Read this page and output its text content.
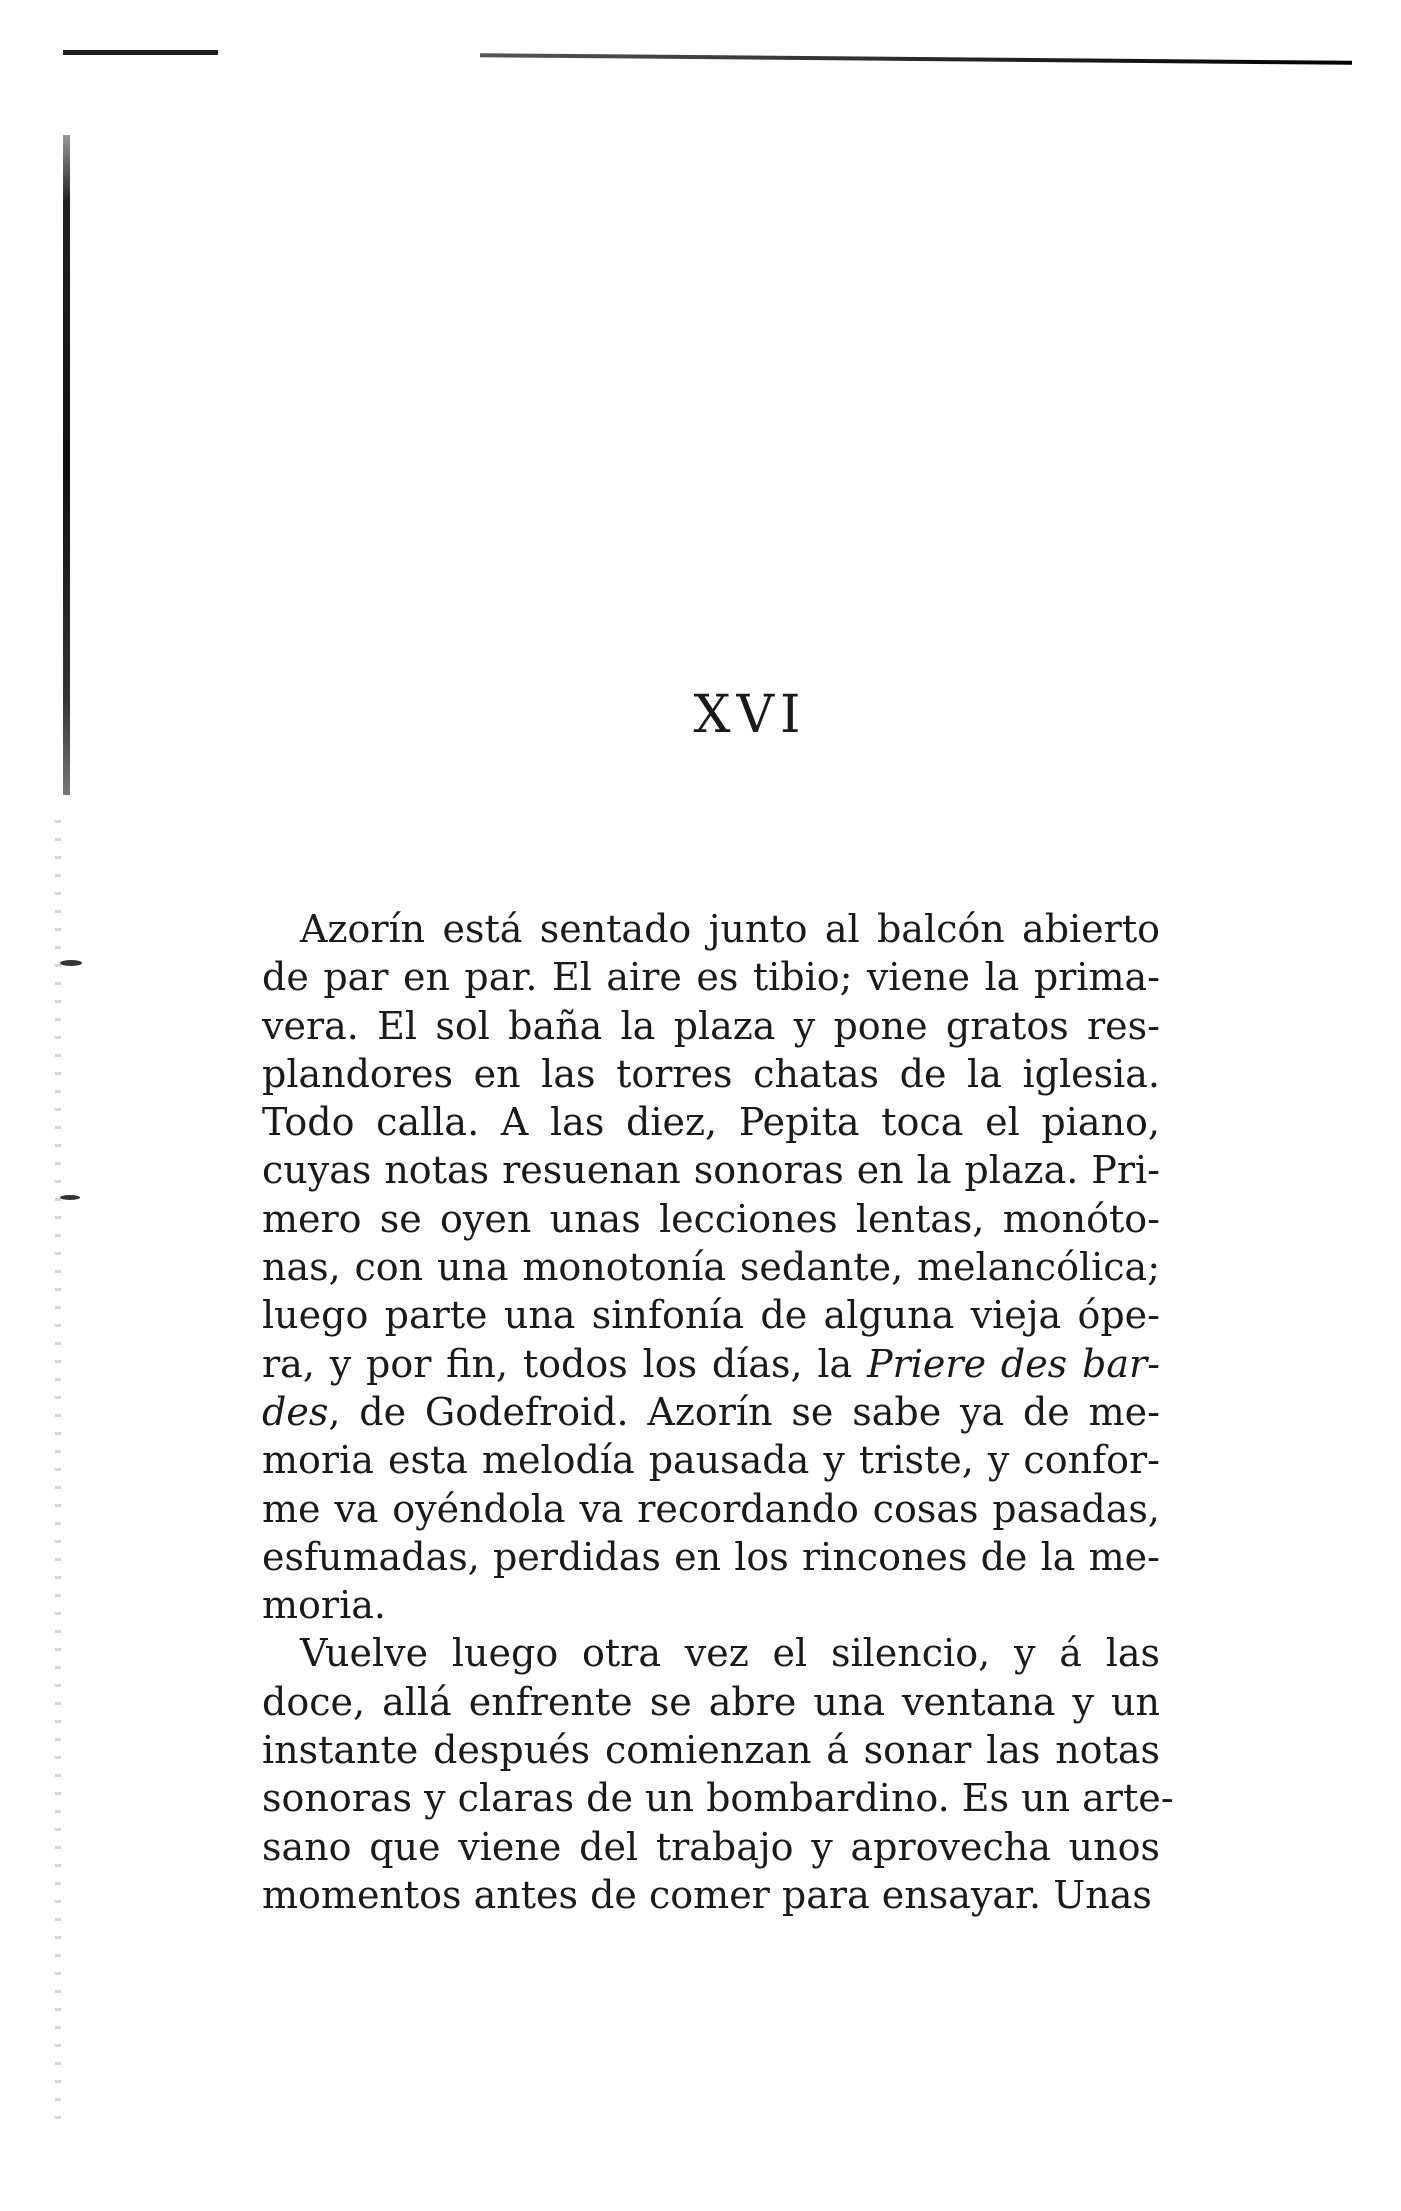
XVI
Azorín está sentado junto al balcón abierto
de par en par. El aire es tibio; viene la prima-
vera. El sol baña la plaza y pone gratos res-
plandores en las torres chatas de la iglesia.
Todo calla. A las diez, Pepita toca el piano,
cuyas notas resuenan sonoras en la plaza. Pri-
mero se oyen unas lecciones lentas, monóto-
nas, con una monotonía sedante, melancólica;
luego parte una sinfonía de alguna vieja ópe-
ra, y por fin, todos los días, la Priere des bar-
des, de Godefroid. Azorín se sabe ya de me-
moria esta melodía pausada y triste, y confor-
me va oyéndola va recordando cosas pasadas,
esfumadas, perdidas en los rincones de la me-
moria.
Vuelve luego otra vez el silencio, y á las
doce, allá enfrente se abre una ventana y un
instante después comienzan á sonar las notas
sonoras y claras de un bombardino. Es un arte-
sano que viene del trabajo y aprovecha unos
momentos antes de comer para ensayar. Unas
